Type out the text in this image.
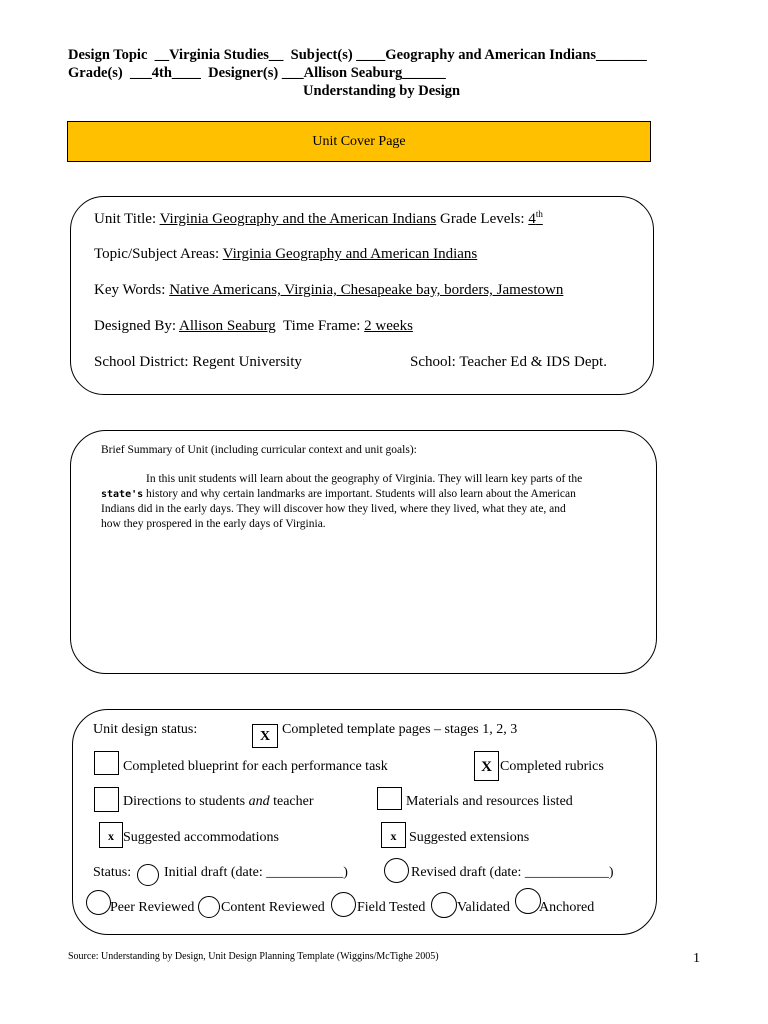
Design Topic  __Virginia Studies__  Subject(s) ____Geography and American Indians_______
Grade(s)  ___4th____  Designer(s) ___Allison Seaburg______
Understanding by Design
Unit Cover Page
Unit Title: Virginia Geography and the American Indians Grade Levels: 4th
Topic/Subject Areas: Virginia Geography and American Indians
Key Words: Native Americans, Virginia, Chesapeake bay, borders, Jamestown
Designed By: Allison Seaburg  Time Frame: 2 weeks
School District: Regent University	School: Teacher Ed & IDS Dept.
Brief Summary of Unit (including curricular context and unit goals):
In this unit students will learn about the geography of Virginia. They will learn key parts of the
state's history and why certain landmarks are important. Students will also learn about the American
Indians did in the early days. They will discover how they lived, where they lived, what they ate, and
how they prospered in the early days of Virginia.
Unit design status:	X Completed template pages – stages 1, 2, 3
Completed blueprint for each performance task	X Completed rubrics
Directions to students and teacher	Materials and resources listed
x Suggested accommodations	x Suggested extensions
Status: Initial draft (date: ___________)	Revised draft (date: ____________)
Peer Reviewed Content Reviewed Field Tested Validated Anchored
Source: Understanding by Design, Unit Design Planning Template (Wiggins/McTighe 2005)	1
